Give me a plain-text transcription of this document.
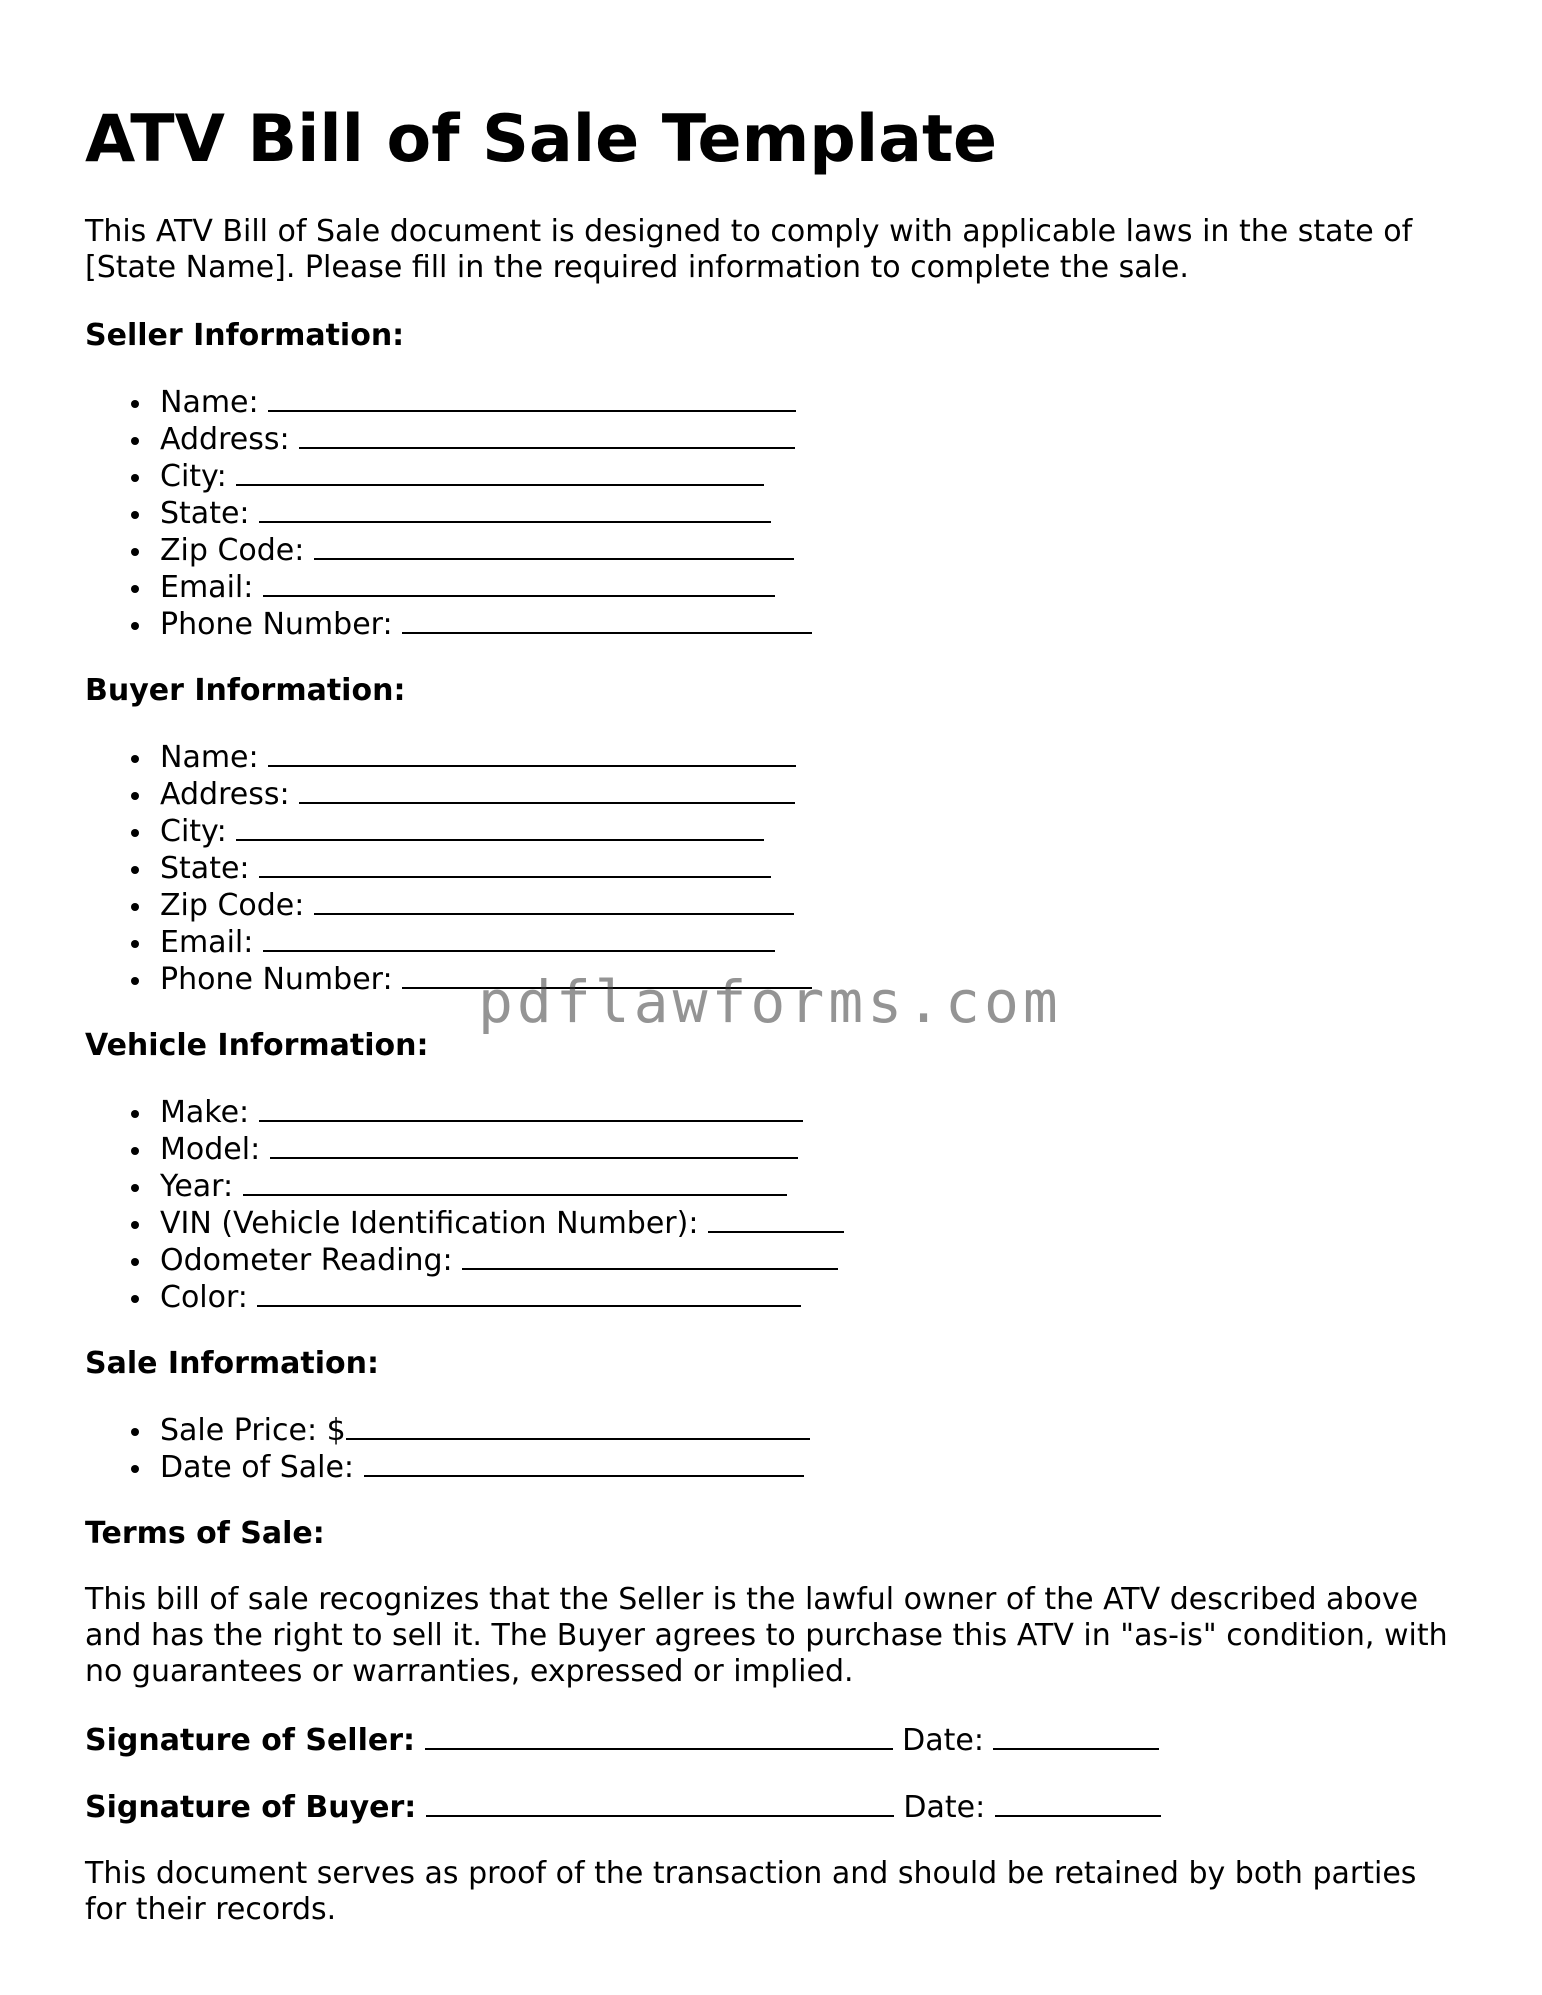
ATV Bill of Sale Template

This ATV Bill of Sale document is designed to comply with applicable laws in the state of [State Name]. Please fill in the required information to complete the sale.

Seller Information:
Name:
Address:
City:
State:
Zip Code:
Email:
Phone Number:
Buyer Information:
Name:
Address:
City:
State:
Zip Code:
Email:
Phone Number:
Vehicle Information:
Make:
Model:
Year:
VIN (Vehicle Identification Number):
Odometer Reading:
Color:
Sale Information:
Sale Price: $
Date of Sale:
Terms of Sale:

This bill of sale recognizes that the Seller is the lawful owner of the ATV described above and has the right to sell it. The Buyer agrees to purchase this ATV in "as-is" condition, with no guarantees or warranties, expressed or implied.

Signature of Seller:	Date:
Signature of Buyer:	Date:

This document serves as proof of the transaction and should be retained by both parties for their records.

pdflawforms.com
